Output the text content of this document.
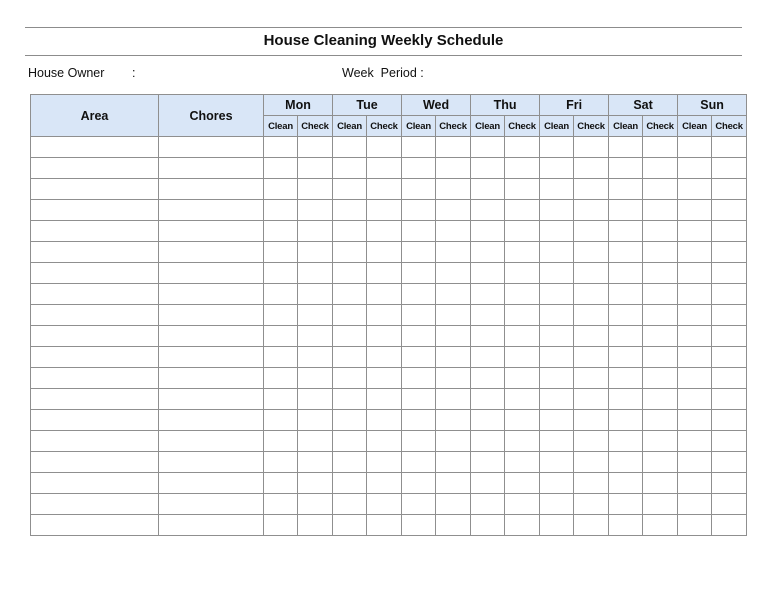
House Cleaning Weekly Schedule
House Owner :	Week  Period :
Area	Chores	Mon		Tue		Wed		Thu		Fri		Sat		Sun	
		Clean	Check	Clean	Check	Clean	Check	Clean	Check	Clean	Check	Clean	Check	Clean	Check
